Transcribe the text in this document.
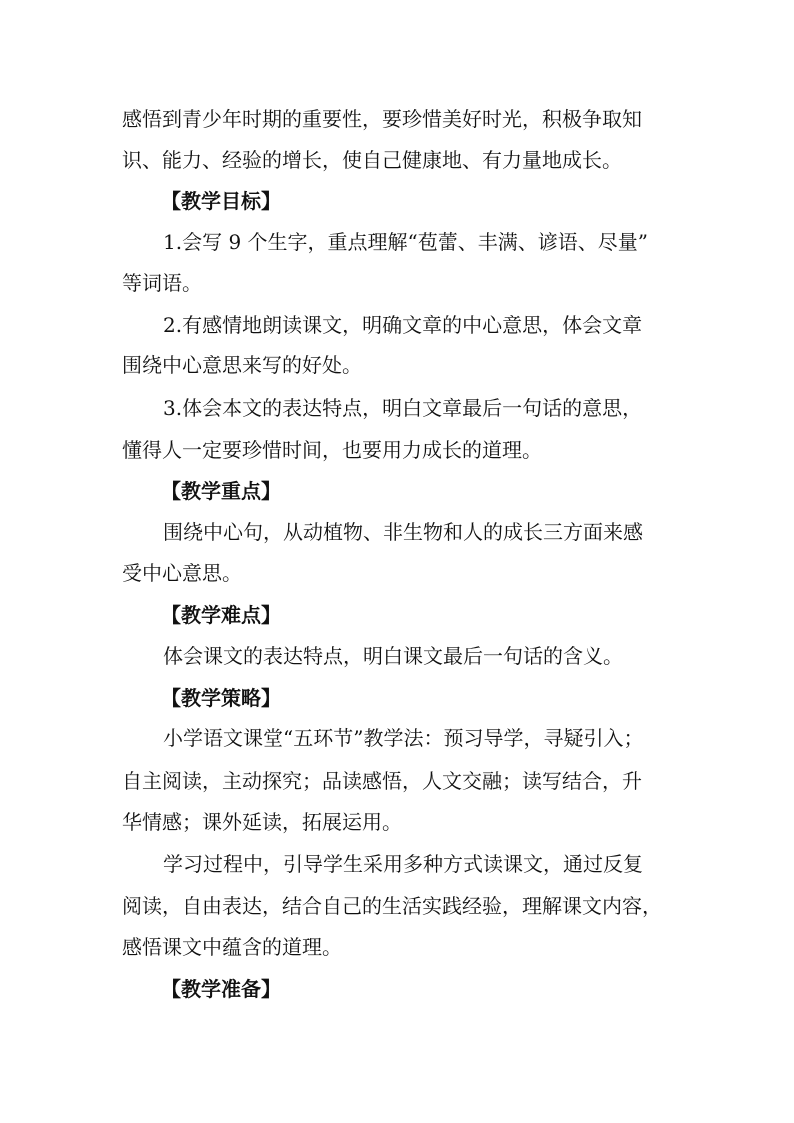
感悟到青少年时期的重要性，要珍惜美好时光，积极争取知
识、能力、经验的增长，使自己健康地、有力量地成长。
【教学目标】
1.会写 9 个生字，重点理解“苞蕾、丰满、谚语、尽量”
等词语。
2.有感情地朗读课文，明确文章的中心意思，体会文章
围绕中心意思来写的好处。
3.体会本文的表达特点，明白文章最后一句话的意思，
懂得人一定要珍惜时间，也要用力成长的道理。
【教学重点】
围绕中心句，从动植物、非生物和人的成长三方面来感
受中心意思。
【教学难点】
体会课文的表达特点，明白课文最后一句话的含义。
【教学策略】
小学语文课堂“五环节”教学法：预习导学，寻疑引入；
自主阅读，主动探究；品读感悟，人文交融；读写结合，升
华情感；课外延读，拓展运用。
学习过程中，引导学生采用多种方式读课文，通过反复
阅读，自由表达，结合自己的生活实践经验，理解课文内容，
感悟课文中蕴含的道理。
【教学准备】
